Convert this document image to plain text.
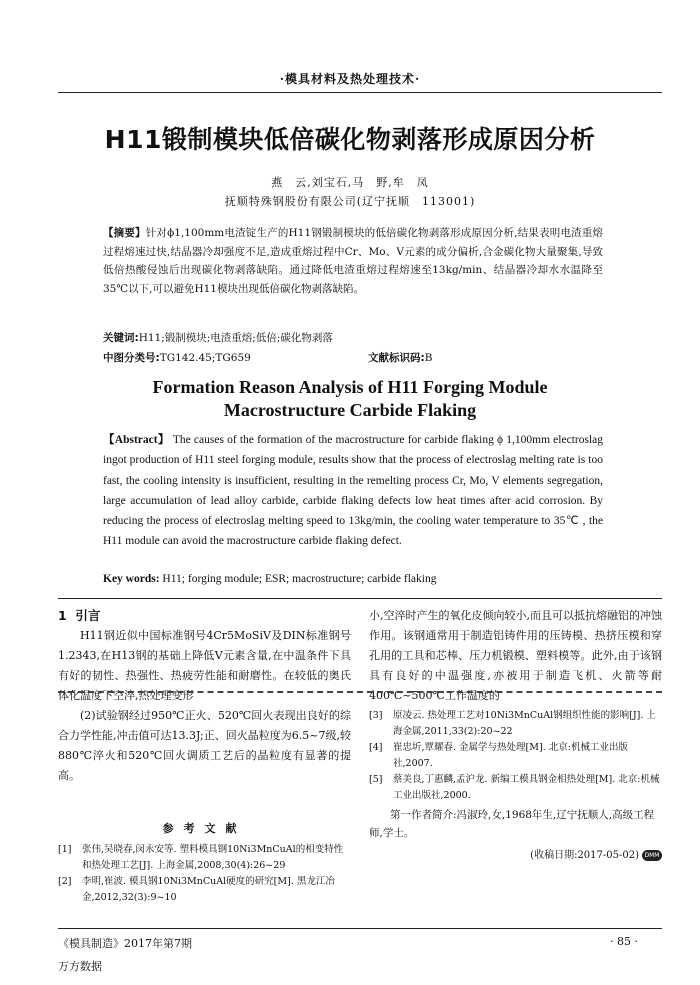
·模具材料及热处理技术·
H11锻制模块低倍碳化物剥落形成原因分析
燕　云,刘宝石,马　野,牟　凤
抚顺特殊钢股份有限公司(辽宁抚顺　113001)
【摘要】针对ϕ1,100mm电渣锭生产的H11钢锻制模块的低倍碳化物剥落形成原因分析,结果表明电渣重熔过程熔速过快,结晶器冷却强度不足,造成重熔过程中Cr、Mo、V元素的成分偏析,合金碳化物大量聚集,导致低倍热酸侵蚀后出现碳化物剥落缺陷。通过降低电渣重熔过程熔速至13kg/min、结晶器冷却水水温降至35℃以下,可以避免H11模块出现低倍碳化物剥落缺陷。
关键词:H11;锻制模块;电渣重熔;低倍;碳化物剥落
中图分类号:TG142.45;TG659	文献标识码:B
Formation Reason Analysis of H11 Forging Module
Macrostructure Carbide Flaking
【Abstract】 The causes of the formation of the macrostructure for carbide flaking ϕ 1,100mm electroslag ingot production of H11 steel forging module, results show that the process of electroslag melting rate is too fast, the cooling intensity is insufficient, resulting in the remelting process Cr, Mo, V elements segregation, large accumulation of lead alloy carbide, carbide flaking defects low heat times after acid corrosion. By reducing the process of electroslag melting speed to 13kg/min, the cooling water temperature to 35℃ , the H11 module can avoid the macrostructure carbide flaking defect.
Key words: H11; forging module; ESR; macrostructure; carbide flaking
1 引言
H11钢近似中国标准钢号4Cr5MoSiV及DIN标准钢号1.2343,在H13钢的基础上降低V元素含量,在中温条件下具有好的韧性、热强性、热疲劳性能和耐磨性。在较低的奥氏体化温度下空淬,热处理变形
小,空淬时产生的氧化皮倾向较小,而且可以抵抗熔融铝的冲蚀作用。该钢通常用于制造铝铸件用的压铸模、热挤压模和穿孔用的工具和芯棒、压力机锻模、塑料模等。此外,由于该钢具有良好的中温强度,亦被用于制造飞机、火箭等耐400℃~500℃工作温度的
(2)试验钢经过950℃正火、520℃回火表现出良好的综合力学性能,冲击值可达13.3J;正、回火晶粒度为6.5~7级,较880℃淬火和520℃回火调质工艺后的晶粒度有显著的提高。
参考文献
[1] 张伟,吴晓春,闵永安等. 塑料模具钢10Ni3MnCuAl的相变特性和热处理工艺[J]. 上海金属,2008,30(4):26~29
[2] 李明,崔波. 模具钢10Ni3MnCuAl硬度的研究[M]. 黑龙江冶金,2012,32(3):9~10
[3] 原凌云. 热处理工艺对10Ni3MnCuAl钢组织性能的影响[J]. 上海金属,2011,33(2):20~22
[4] 崔忠圻,覃耀春. 金属学与热处理[M]. 北京:机械工业出版社,2007.
[5] 蔡美良,丁惠麟,孟沪龙. 新编工模具钢金相热处理[M]. 北京:机械工业出版社,2000.
第一作者简介:冯淑玲,女,1968年生,辽宁抚顺人,高级工程师,学士。
(收稿日期:2017-05-02) DMM
《模具制造》2017年第7期	· 85 ·
万方数据
